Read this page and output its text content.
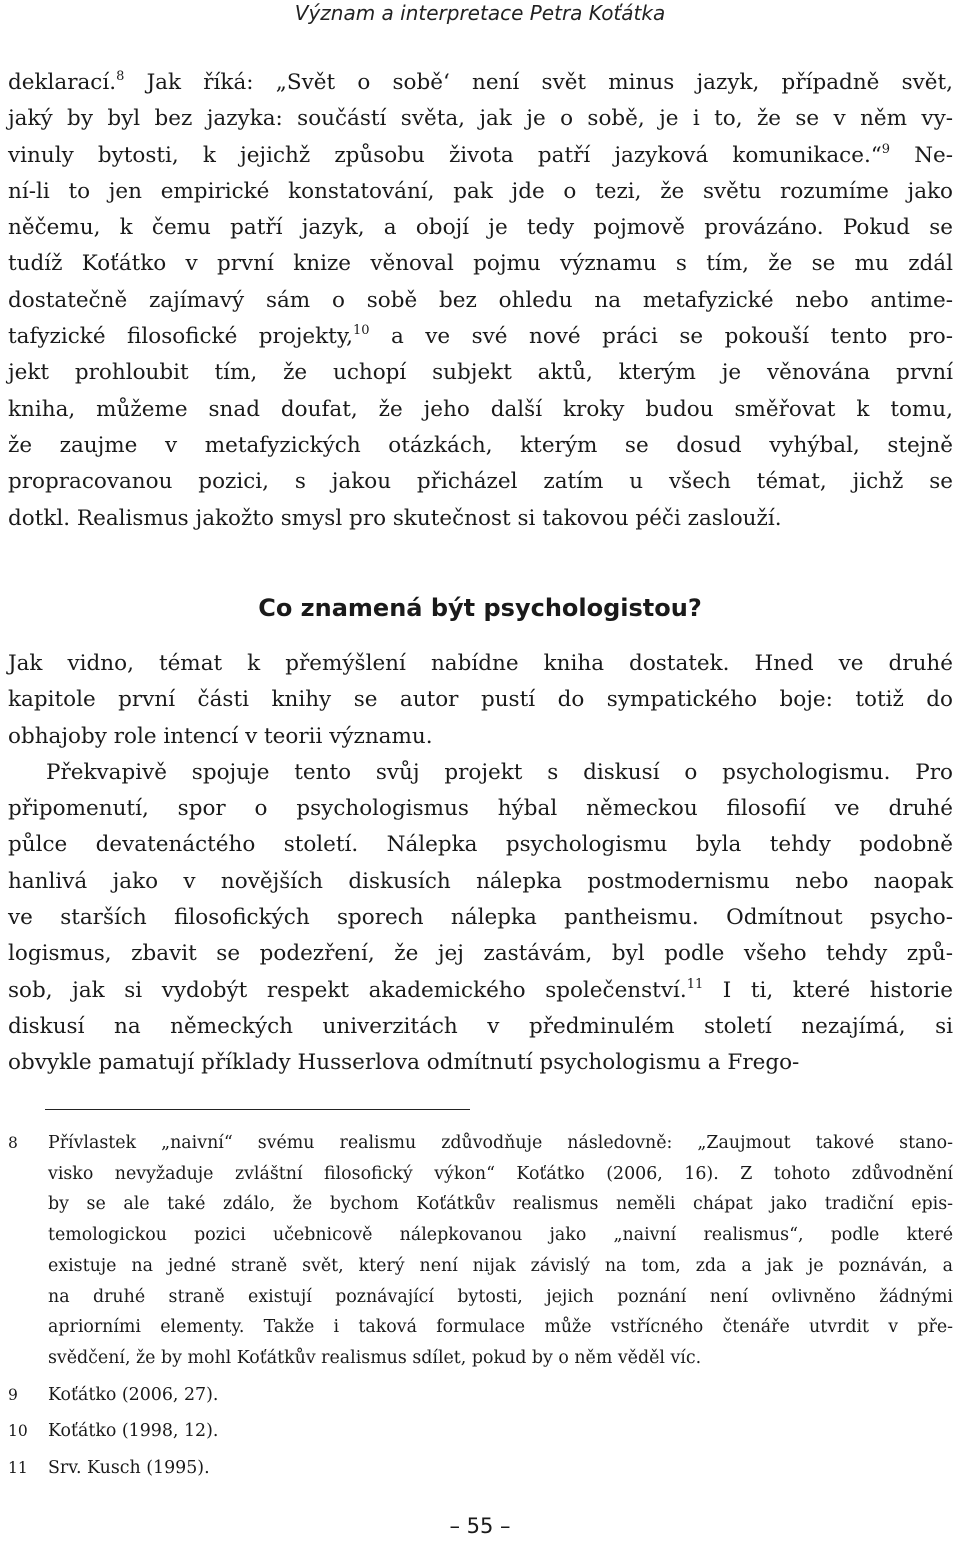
Význam a interpretace Petra Koťátka
deklarací.$^8$ Jak říká: „Svět o sobě‘ není svět minus jazyk, případně svět,
jaký by byl bez jazyka: součástí světa, jak je o sobě, je i to, že se v něm vy-
vinuly bytosti, k jejichž způsobu života patří jazyková komunikace.“$^9$ Ne-
ní-li to jen empirické konstatování, pak jde o tezi, že světu rozumíme jako
něčemu, k čemu patří jazyk, a obojí je tedy pojmově provázáno. Pokud se
tudíž Koťátko v první knize věnoval pojmu významu s tím, že se mu zdál
dostatečně zajímavý sám o sobě bez ohledu na metafyzické nebo antime-
tafyzické filosofické projekty,$^{10}$ a ve své nové práci se pokouší tento pro-
jekt prohloubit tím, že uchopí subjekt aktů, kterým je věnována první
kniha, můžeme snad doufat, že jeho další kroky budou směřovat k tomu,
že zaujme v metafyzických otázkách, kterým se dosud vyhýbal, stejně
propracovanou pozici, s jakou přicházel zatím u všech témat, jichž se
dotkl. Realismus jakožto smysl pro skutečnost si takovou péči zaslouží.
Co znamená být psychologistou?
Jak vidno, témat k přemýšlení nabídne kniha dostatek. Hned ve druhé
kapitole první části knihy se autor pustí do sympatického boje: totiž do
obhajoby role intencí v teorii významu.
Překvapivě spojuje tento svůj projekt s diskusí o psychologismu. Pro
připomenutí, spor o psychologismus hýbal německou filosofií ve druhé
půlce devatenáctého století. Nálepka psychologismu byla tehdy podobně
hanlivá jako v novějších diskusích nálepka postmodernismu nebo naopak
ve starších filosofických sporech nálepka pantheismu. Odmítnout psycho-
logismus, zbavit se podezření, že jej zastávám, byl podle všeho tehdy způ-
sob, jak si vydobýt respekt akademického společenství.$^{11}$ I ti, které historie
diskusí na německých univerzitách v předminulém století nezajímá, si
obvykle pamatují příklady Husserlova odmítnutí psychologismu a Frego-
8 Přívlastek „naivní“ svému realismu zdůvodňuje následovně: „Zaujmout takové stano-
visko nevyžaduje zvláštní filosofický výkon“ Koťátko (2006, 16). Z tohoto zdůvodnění
by se ale také zdálo, že bychom Koťátkův realismus neměli chápat jako tradiční epis-
temologickou pozici učebnicově nálepkovanou jako „naivní realismus“, podle které
existuje na jedné straně svět, který není nijak závislý na tom, zda a jak je poznáván, a
na druhé straně existují poznávající bytosti, jejich poznání není ovlivněno žádnými
apriorními elementy. Takže i taková formulace může vstřícného čtenáře utvrdit v pře-
svědčení, že by mohl Koťátkův realismus sdílet, pokud by o něm věděl víc.
9 Koťátko (2006, 27).
10 Koťátko (1998, 12).
11 Srv. Kusch (1995).
– 55 –
